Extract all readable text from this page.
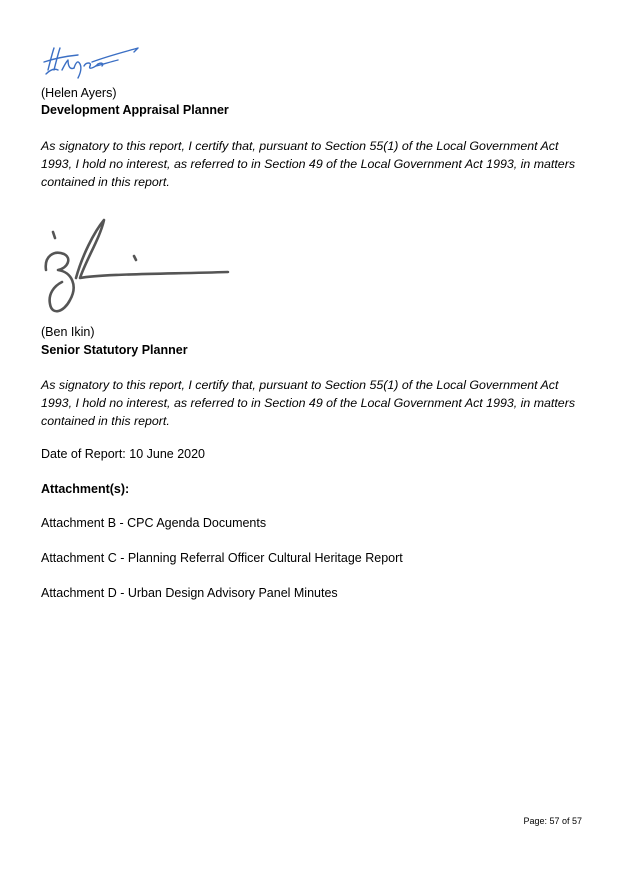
(Helen Ayers)
Development Appraisal Planner
As signatory to this report, I certify that, pursuant to Section 55(1) of the Local Government Act 1993, I hold no interest, as referred to in Section 49 of the Local Government Act 1993, in matters contained in this report.
(Ben Ikin)
Senior Statutory Planner
As signatory to this report, I certify that, pursuant to Section 55(1) of the Local Government Act 1993, I hold no interest, as referred to in Section 49 of the Local Government Act 1993, in matters contained in this report.
Date of Report: 10 June 2020
Attachment(s):
Attachment B - CPC Agenda Documents
Attachment C - Planning Referral Officer Cultural Heritage Report
Attachment D - Urban Design Advisory Panel Minutes
Page: 57 of 57
